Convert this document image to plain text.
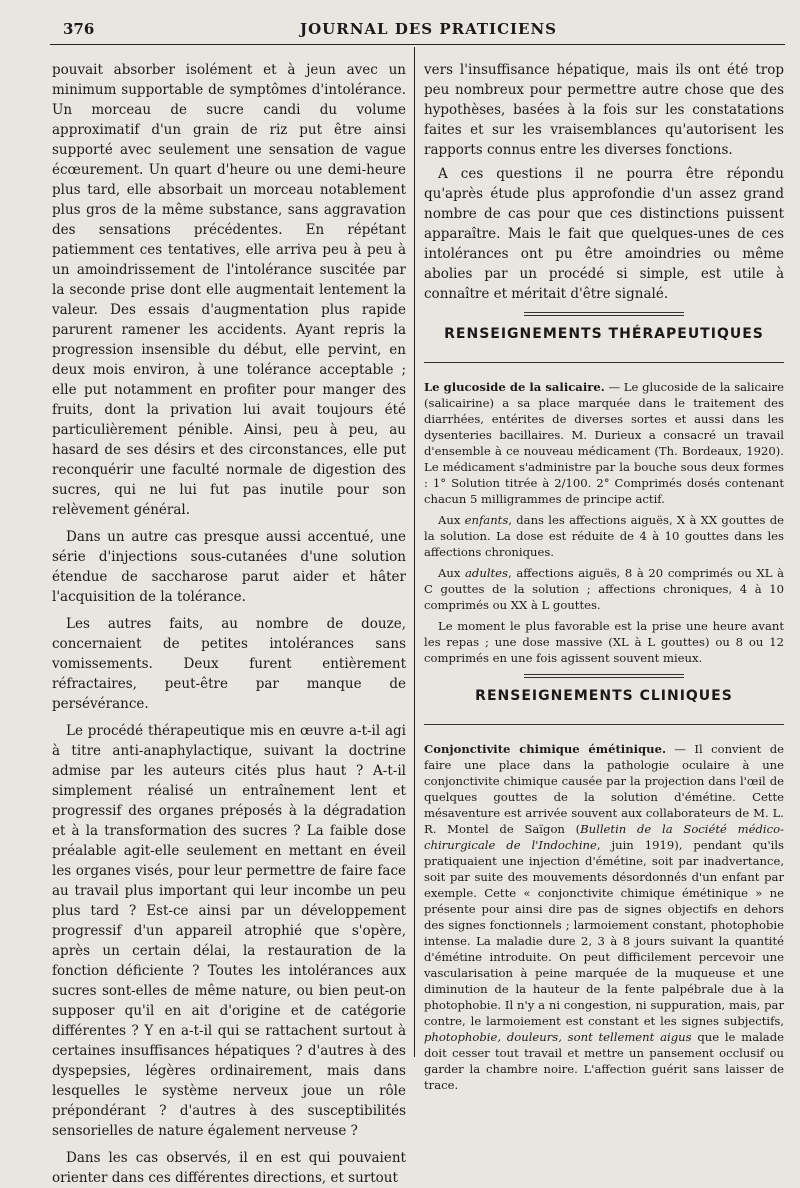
376	JOURNAL DES PRATICIENS

pouvait absorber isolément et à jeun avec un minimum supportable de symptômes d'intolérance. Un morceau de sucre candi du volume approximatif d'un grain de riz put être ainsi supporté avec seulement une sensation de vague écœurement. Un quart d'heure ou une demi-heure plus tard, elle absorbait un morceau notablement plus gros de la même substance, sans aggravation des sensations précédentes. En répétant patiemment ces tentatives, elle arriva peu à peu à un amoindrissement de l'intolérance suscitée par la seconde prise dont elle augmentait lentement la valeur. Des essais d'augmentation plus rapide parurent ramener les accidents. Ayant repris la progression insensible du début, elle pervint, en deux mois environ, à une tolérance acceptable ; elle put notamment en profiter pour manger des fruits, dont la privation lui avait toujours été particulièrement pénible. Ainsi, peu à peu, au hasard de ses désirs et des circonstances, elle put reconquérir une faculté normale de digestion des sucres, qui ne lui fut pas inutile pour son relèvement général.

Dans un autre cas presque aussi accentué, une série d'injections sous-cutanées d'une solution étendue de saccharose parut aider et hâter l'acquisition de la tolérance.

Les autres faits, au nombre de douze, concernaient de petites intolérances sans vomissements. Deux furent entièrement réfractaires, peut-être par manque de persévérance.

Le procédé thérapeutique mis en œuvre a-t-il agi à titre anti-anaphylactique, suivant la doctrine admise par les auteurs cités plus haut ? A-t-il simplement réalisé un entraînement lent et progressif des organes préposés à la dégradation et à la transformation des sucres ? La faible dose préalable agit-elle seulement en mettant en éveil les organes visés, pour leur permettre de faire face au travail plus important qui leur incombe un peu plus tard ? Est-ce ainsi par un développement progressif d'un appareil atrophié que s'opère, après un certain délai, la restauration de la fonction déficiente ? Toutes les intolérances aux sucres sont-elles de même nature, ou bien peut-on supposer qu'il en ait d'origine et de catégorie différentes ? Y en a-t-il qui se rattachent surtout à certaines insuffisances hépatiques ? d'autres à des dyspepsies, légères ordinairement, mais dans lesquelles le système nerveux joue un rôle prépondérant ? d'autres à des susceptibilités sensorielles de nature également nerveuse ?

Dans les cas observés, il en est qui pouvaient orienter dans ces différentes directions, et surtout

vers l'insuffisance hépatique, mais ils ont été trop peu nombreux pour permettre autre chose que des hypothèses, basées à la fois sur les constatations faites et sur les vraisemblances qu'autorisent les rapports connus entre les diverses fonctions.

A ces questions il ne pourra être répondu qu'après étude plus approfondie d'un assez grand nombre de cas pour que ces distinctions puissent apparaître. Mais le fait que quelques-unes de ces intolérances ont pu être amoindries ou même abolies par un procédé si simple, est utile à connaître et méritait d'être signalé.

RENSEIGNEMENTS THÉRAPEUTIQUES

Le glucoside de la salicaire. — Le glucoside de la salicaire (salicairine) a sa place marquée dans le traitement des diarrhées, entérites de diverses sortes et aussi dans les dysenteries bacillaires. M. Durieux a consacré un travail d'ensemble à ce nouveau médicament (Th. Bordeaux, 1920). Le médicament s'administre par la bouche sous deux formes : 1° Solution titrée à 2/100. 2° Comprimés dosés contenant chacun 5 milligrammes de principe actif.

Aux enfants, dans les affections aiguës, X à XX gouttes de la solution. La dose est réduite de 4 à 10 gouttes dans les affections chroniques.

Aux adultes, affections aiguës, 8 à 20 comprimés ou XL à C gouttes de la solution ; affections chroniques, 4 à 10 comprimés ou XX à L gouttes.

Le moment le plus favorable est la prise une heure avant les repas ; une dose massive (XL à L gouttes) ou 8 ou 12 comprimés en une fois agissent souvent mieux.

RENSEIGNEMENTS CLINIQUES

Conjonctivite chimique émétinique. — Il convient de faire une place dans la pathologie oculaire à une conjonctivite chimique causée par la projection dans l'œil de quelques gouttes de la solution d'émétine. Cette mésaventure est arrivée souvent aux collaborateurs de M. L. R. Montel de Saïgon (Bulletin de la Société médico-chirurgicale de l'Indochine, juin 1919), pendant qu'ils pratiquaient une injection d'émétine, soit par inadvertance, soit par suite des mouvements désordonnés d'un enfant par exemple. Cette « conjonctivite chimique émétinique » ne présente pour ainsi dire pas de signes objectifs en dehors des signes fonctionnels ; larmoiement constant, photophobie intense. La maladie dure 2, 3 à 8 jours suivant la quantité d'émétine introduite. On peut difficilement percevoir une vascularisation à peine marquée de la muqueuse et une diminution de la hauteur de la fente palpébrale due à la photophobie. Il n'y a ni congestion, ni suppuration, mais, par contre, le larmoiement est constant et les signes subjectifs, photophobie, douleurs, sont tellement aigus que le malade doit cesser tout travail et mettre un pansement occlusif ou garder la chambre noire. L'affection guérit sans laisser de trace.
